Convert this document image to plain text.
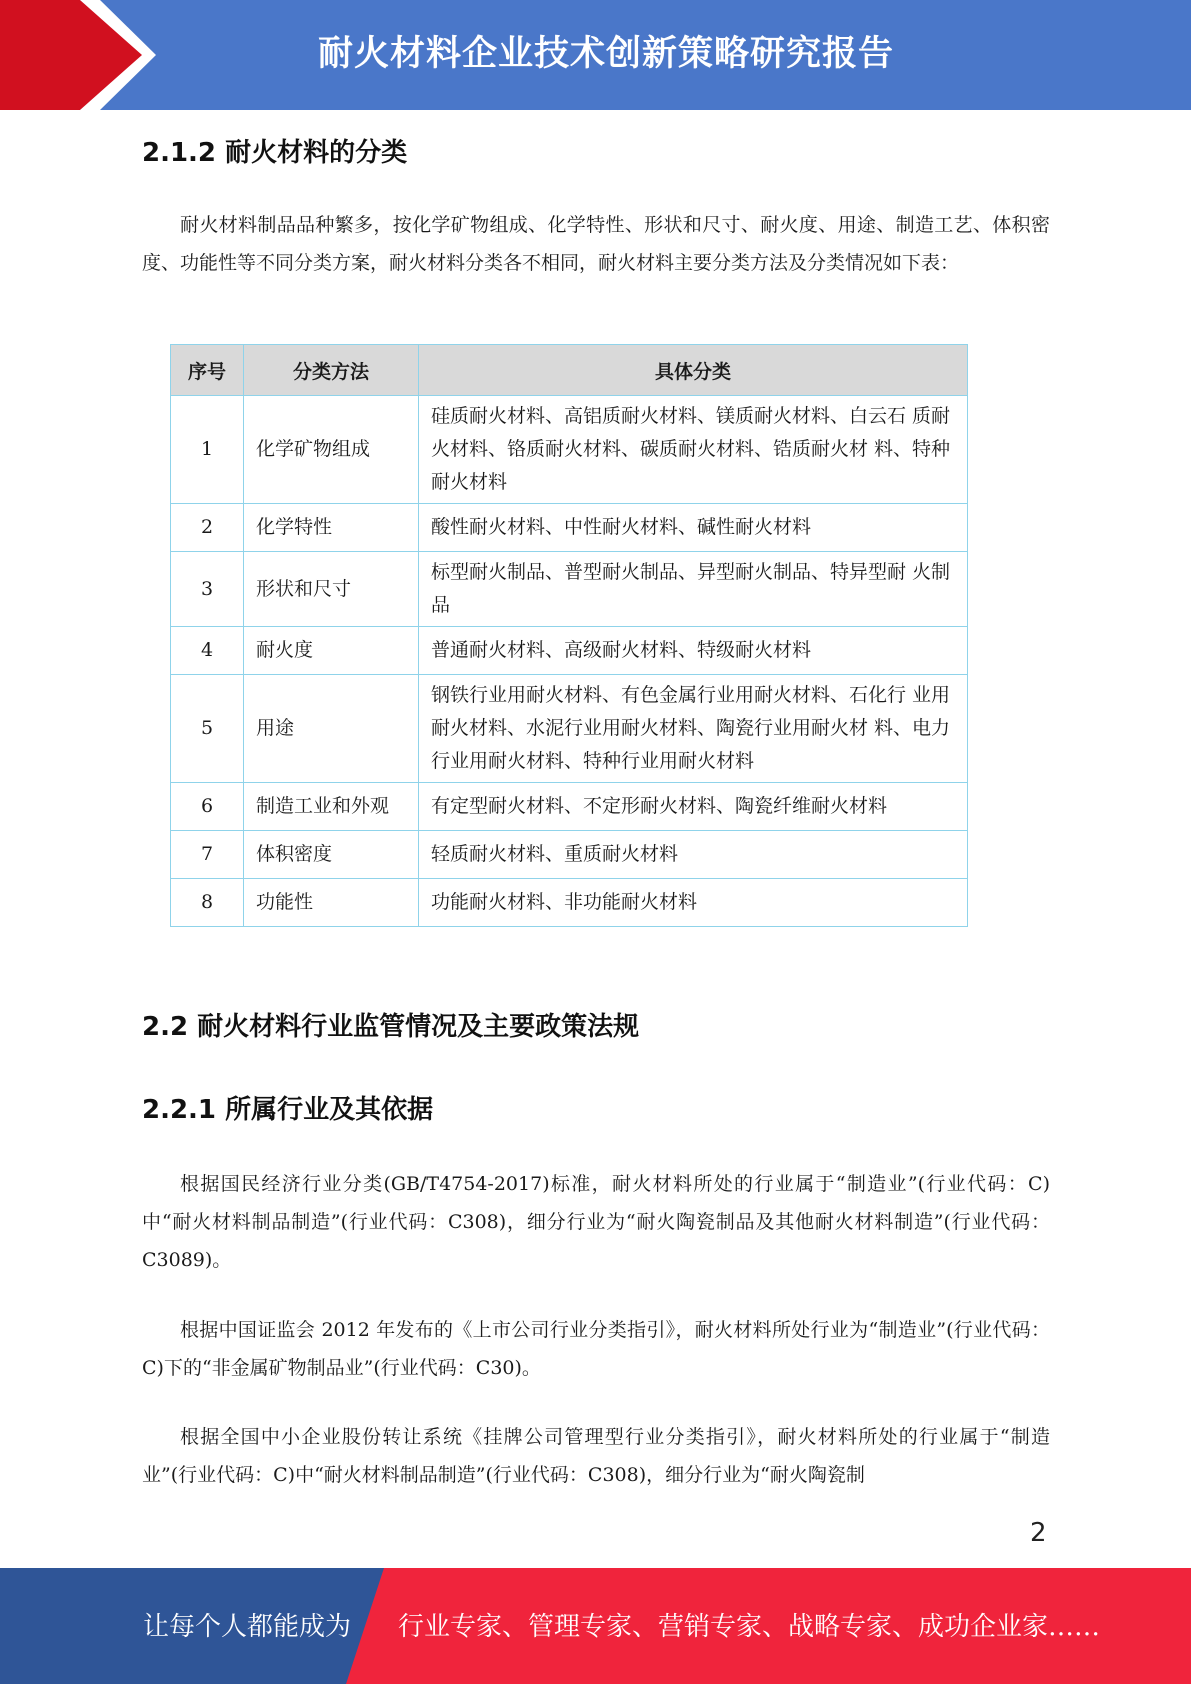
耐火材料企业技术创新策略研究报告
2.1.2 耐火材料的分类

耐火材料制品品种繁多，按化学矿物组成、化学特性、形状和尺寸、耐火度、用途、制造工艺、体积密度、功能性等不同分类方案，耐火材料分类各不相同，耐火材料主要分类方法及分类情况如下表：

序号	分类方法	具体分类
1	化学矿物组成	硅质耐火材料、高铝质耐火材料、镁质耐火材料、白云石 质耐火材料、铬质耐火材料、碳质耐火材料、锆质耐火材 料、特种耐火材料
2	化学特性	酸性耐火材料、中性耐火材料、碱性耐火材料
3	形状和尺寸	标型耐火制品、普型耐火制品、异型耐火制品、特异型耐 火制品
4	耐火度	普通耐火材料、高级耐火材料、特级耐火材料
5	用途	钢铁行业用耐火材料、有色金属行业用耐火材料、石化行 业用耐火材料、水泥行业用耐火材料、陶瓷行业用耐火材 料、电力行业用耐火材料、特种行业用耐火材料
6	制造工业和外观	有定型耐火材料、不定形耐火材料、陶瓷纤维耐火材料
7	体积密度	轻质耐火材料、重质耐火材料
8	功能性	功能耐火材料、非功能耐火材料
2.2 耐火材料行业监管情况及主要政策法规
2.2.1 所属行业及其依据

根据国民经济行业分类(GB/T4754-2017)标准，耐火材料所处的行业属于“制造业”(行业代码：C)中“耐火材料制品制造”(行业代码：C308)，细分行业为“耐火陶瓷制品及其他耐火材料制造”(行业代码：C3089)。

根据中国证监会 2012 年发布的《上市公司行业分类指引》，耐火材料所处行业为“制造业”(行业代码：C)下的“非金属矿物制品业”(行业代码：C30)。

根据全国中小企业股份转让系统《挂牌公司管理型行业分类指引》，耐火材料所处的行业属于“制造业”(行业代码：C)中“耐火材料制品制造”(行业代码：C308)，细分行业为“耐火陶瓷制

2
让每个人都能成为 行业专家、管理专家、营销专家、战略专家、成功企业家……
